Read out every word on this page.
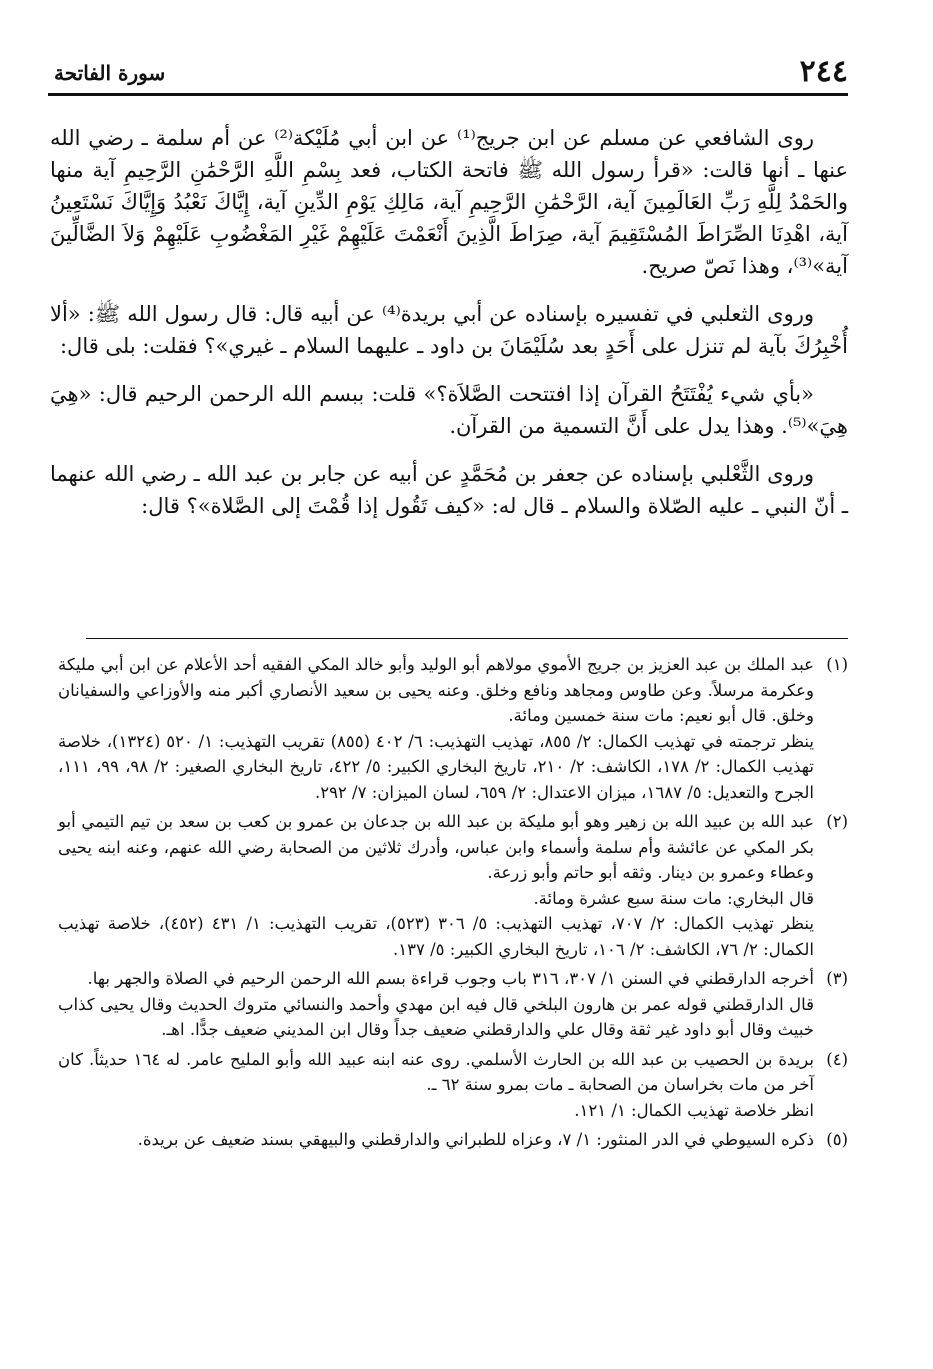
٢٤٤
سورة الفاتحة

روى الشافعي عن مسلم عن ابن جريج⁽¹⁾ عن ابن أبي مُلَيْكة⁽²⁾ عن أم سلمة ـ رضي الله عنها ـ أنها قالت: «قرأ رسول الله ﷺ فاتحة الكتاب، فعد بِسْمِ اللَّهِ الرَّحْمَٰنِ الرَّحِيمِ آية منها والحَمْدُ لِلَّهِ رَبِّ العَالَمِينَ آية، الرَّحْمَٰنِ الرَّحِيمِ آية، مَالِكِ يَوْمِ الدِّينِ آية، إِيَّاكَ نَعْبُدُ وَإِيَّاكَ نَسْتَعِينُ آية، اهْدِنَا الصِّرَاطَ المُسْتَقِيمَ آية، صِرَاطَ الَّذِينَ أَنْعَمْتَ عَلَيْهِمْ غَيْرِ المَغْضُوبِ عَلَيْهِمْ وَلاَ الضَّالِّينَ آية»⁽³⁾، وهذا نَصّ صريح.

وروى الثعلبي في تفسيره بإسناده عن أبي بريدة⁽⁴⁾ عن أبيه قال: قال رسول الله ﷺ: «ألا أُخْبِرُكَ بآية لم تنزل على أَحَدٍ بعد سُلَيْمَانَ بن داود ـ عليهما السلام ـ غيري»؟ فقلت: بلى قال:

«بأي شيء يُفْتَتَحُ القرآن إذا افتتحت الصَّلاَة؟» قلت: ببسم الله الرحمن الرحيم قال: «هِيَ هِيَ»⁽⁵⁾. وهذا يدل على أَنَّ التسمية من القرآن.

وروى الثَّعْلبي بإسناده عن جعفر بن مُحَمَّدٍ عن أبيه عن جابر بن عبد الله ـ رضي الله عنهما ـ أنّ النبي ـ عليه الصّلاة والسلام ـ قال له: «كيف تَقُول إذا قُمْتَ إلى الصَّلاة»؟ قال:

(١)

عبد الملك بن عبد العزيز بن جريج الأموي مولاهم أبو الوليد وأبو خالد المكي الفقيه أحد الأعلام عن ابن أبي مليكة وعكرمة مرسلاً. وعن طاوس ومجاهد ونافع وخلق. وعنه يحيى بن سعيد الأنصاري أكبر منه والأوزاعي والسفيانان وخلق. قال أبو نعيم: مات سنة خمسين ومائة.

ينظر ترجمته في تهذيب الكمال: ٢/ ٨٥٥، تهذيب التهذيب: ٦/ ٤٠٢ (٨٥٥) تقريب التهذيب: ١/ ٥٢٠ (١٣٢٤)، خلاصة تهذيب الكمال: ٢/ ١٧٨، الكاشف: ٢/ ٢١٠، تاريخ البخاري الكبير: ٥/ ٤٢٢، تاريخ البخاري الصغير: ٢/ ٩٨، ٩٩، ١١١، الجرح والتعديل: ٥/ ١٦٨٧، ميزان الاعتدال: ٢/ ٦٥٩، لسان الميزان: ٧/ ٢٩٢.

(٢)

عبد الله بن عبيد الله بن زهير وهو أبو مليكة بن عبد الله بن جدعان بن عمرو بن كعب بن سعد بن تيم التيمي أبو بكر المكي عن عائشة وأم سلمة وأسماء وابن عباس، وأدرك ثلاثين من الصحابة رضي الله عنهم، وعنه ابنه يحيى وعطاء وعمرو بن دينار. وثقه أبو حاتم وأبو زرعة.

قال البخاري: مات سنة سبع عشرة ومائة.

ينظر تهذيب الكمال: ٢/ ٧٠٧، تهذيب التهذيب: ٥/ ٣٠٦ (٥٢٣)، تقريب التهذيب: ١/ ٤٣١ (٤٥٢)، خلاصة تهذيب الكمال: ٢/ ٧٦، الكاشف: ٢/ ١٠٦، تاريخ البخاري الكبير: ٥/ ١٣٧.

(٣)

أخرجه الدارقطني في السنن ١/ ٣٠٧، ٣١٦ باب وجوب قراءة بسم الله الرحمن الرحيم في الصلاة والجهر بها.

قال الدارقطني قوله عمر بن هارون البلخي قال فيه ابن مهدي وأحمد والنسائي متروك الحديث وقال يحيى كذاب خبيث وقال أبو داود غير ثقة وقال علي والدارقطني ضعيف جداً وقال ابن المديني ضعيف جدًّا. اهـ.

(٤)

بريدة بن الحصيب بن عبد الله بن الحارث الأسلمي. روى عنه ابنه عبيد الله وأبو المليح عامر. له ١٦٤ حديثاً. كان آخر من مات بخراسان من الصحابة ـ مات بمرو سنة ٦٢ ـ.

انظر خلاصة تهذيب الكمال: ١/ ١٢١.

(٥)

ذكره السيوطي في الدر المنثور: ١/ ٧، وعزاه للطبراني والدارقطني والبيهقي بسند ضعيف عن بريدة.
